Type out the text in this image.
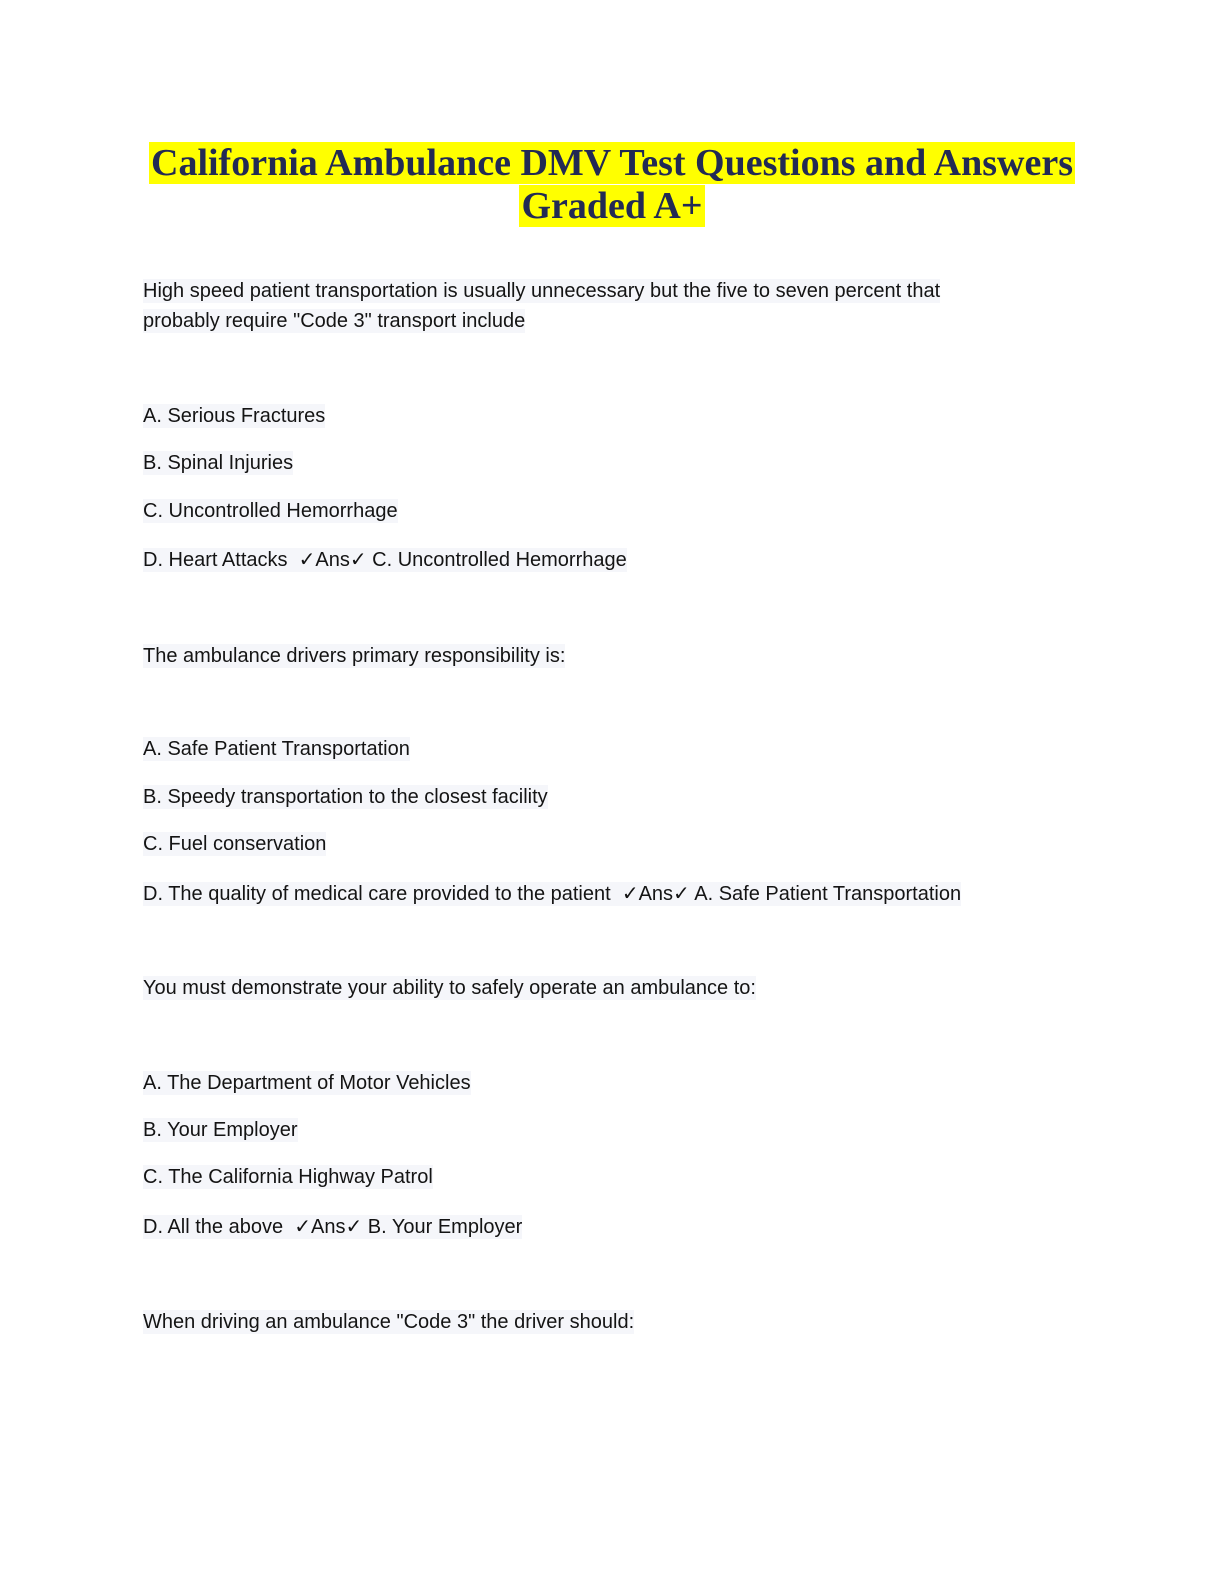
California Ambulance DMV Test Questions and Answers
Graded A+
High speed patient transportation is usually unnecessary but the five to seven percent that
probably require "Code 3" transport include
A. Serious Fractures
B. Spinal Injuries
C. Uncontrolled Hemorrhage
D. Heart Attacks ✓Ans✓ C. Uncontrolled Hemorrhage
The ambulance drivers primary responsibility is:
A. Safe Patient Transportation
B. Speedy transportation to the closest facility
C. Fuel conservation
D. The quality of medical care provided to the patient ✓Ans✓ A. Safe Patient Transportation
You must demonstrate your ability to safely operate an ambulance to:
A. The Department of Motor Vehicles
B. Your Employer
C. The California Highway Patrol
D. All the above ✓Ans✓ B. Your Employer
When driving an ambulance "Code 3" the driver should:
